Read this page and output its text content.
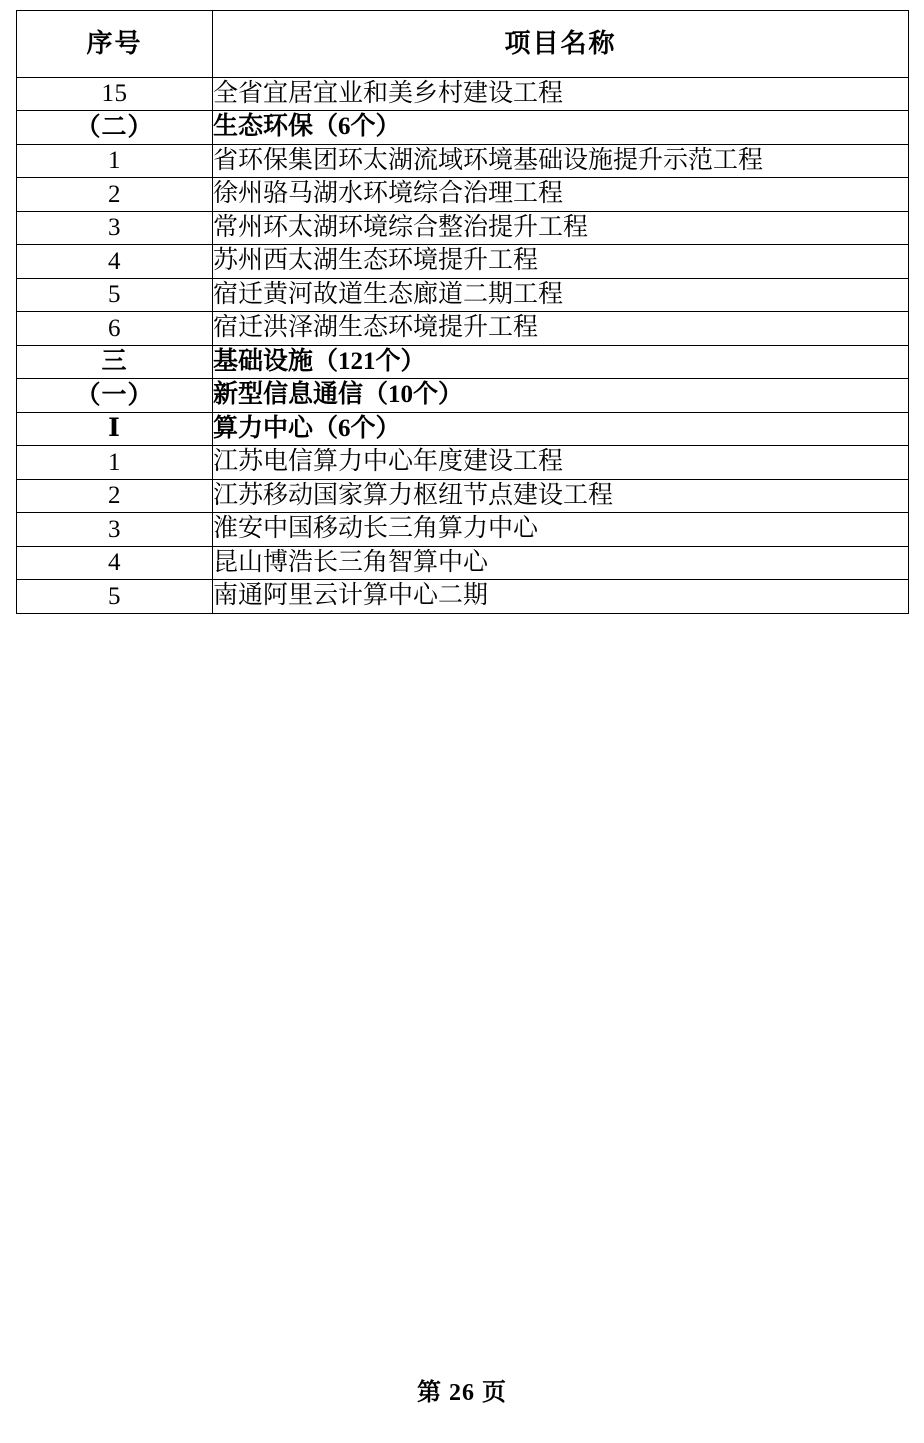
序号	项目名称
15	全省宜居宜业和美乡村建设工程
（二）	生态环保（6个）
1	省环保集团环太湖流域环境基础设施提升示范工程
2	徐州骆马湖水环境综合治理工程
3	常州环太湖环境综合整治提升工程
4	苏州西太湖生态环境提升工程
5	宿迁黄河故道生态廊道二期工程
6	宿迁洪泽湖生态环境提升工程
三	基础设施（121个）
（一）	新型信息通信（10个）
Ⅰ	算力中心（6个）
1	江苏电信算力中心年度建设工程
2	江苏移动国家算力枢纽节点建设工程
3	淮安中国移动长三角算力中心
4	昆山博浩长三角智算中心
5	南通阿里云计算中心二期
第 26 页
